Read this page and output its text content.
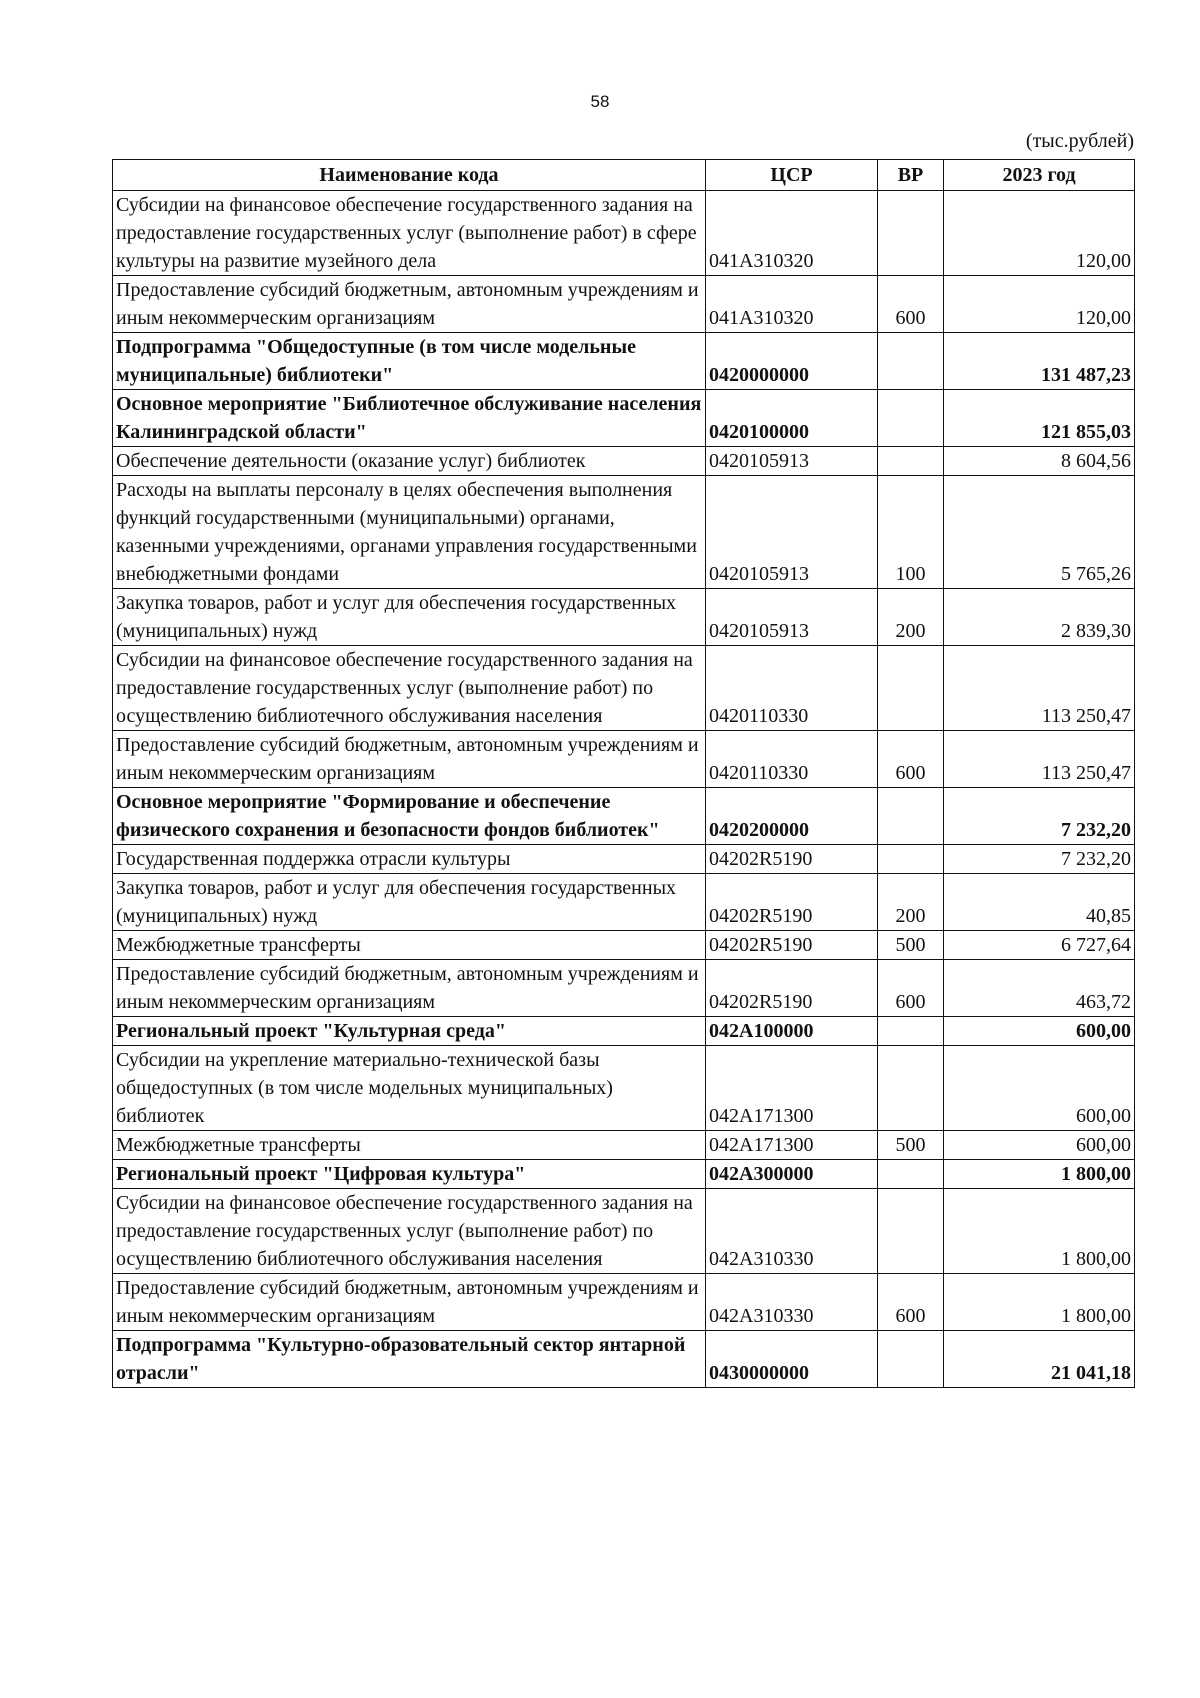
58
(тыс.рублей)
Наименование кода	ЦСР	ВР	2023 год
Субсидии на финансовое обеспечение государственного задания на предоставление государственных услуг (выполнение работ) в сфере культуры на развитие музейного дела	041A310320		120,00
Предоставление субсидий бюджетным, автономным учреждениям и иным некоммерческим организациям	041A310320	600	120,00
Подпрограмма "Общедоступные (в том числе модельные муниципальные) библиотеки"	0420000000		131 487,23
Основное мероприятие "Библиотечное обслуживание населения Калининградской области"	0420100000		121 855,03
Обеспечение деятельности (оказание услуг) библиотек	0420105913		8 604,56
Расходы на выплаты персоналу в целях обеспечения выполнения функций государственными (муниципальными) органами, казенными учреждениями, органами управления государственными внебюджетными фондами	0420105913	100	5 765,26
Закупка товаров, работ и услуг для обеспечения государственных (муниципальных) нужд	0420105913	200	2 839,30
Субсидии на финансовое обеспечение государственного задания на предоставление государственных услуг (выполнение работ) по осуществлению библиотечного обслуживания населения	0420110330		113 250,47
Предоставление субсидий бюджетным, автономным учреждениям и иным некоммерческим организациям	0420110330	600	113 250,47
Основное мероприятие "Формирование и обеспечение физического сохранения и безопасности фондов библиотек"	0420200000		7 232,20
Государственная поддержка отрасли культуры	04202R5190		7 232,20
Закупка товаров, работ и услуг для обеспечения государственных (муниципальных) нужд	04202R5190	200	40,85
Межбюджетные трансферты	04202R5190	500	6 727,64
Предоставление субсидий бюджетным, автономным учреждениям и иным некоммерческим организациям	04202R5190	600	463,72
Региональный проект "Культурная среда"	042A100000		600,00
Субсидии на укрепление материально-технической базы общедоступных (в том числе модельных муниципальных) библиотек	042A171300		600,00
Межбюджетные трансферты	042A171300	500	600,00
Региональный проект "Цифровая культура"	042A300000		1 800,00
Субсидии на финансовое обеспечение государственного задания на предоставление государственных услуг (выполнение работ) по осуществлению библиотечного обслуживания населения	042A310330		1 800,00
Предоставление субсидий бюджетным, автономным учреждениям и иным некоммерческим организациям	042A310330	600	1 800,00
Подпрограмма "Культурно-образовательный сектор янтарной отрасли"	0430000000		21 041,18
